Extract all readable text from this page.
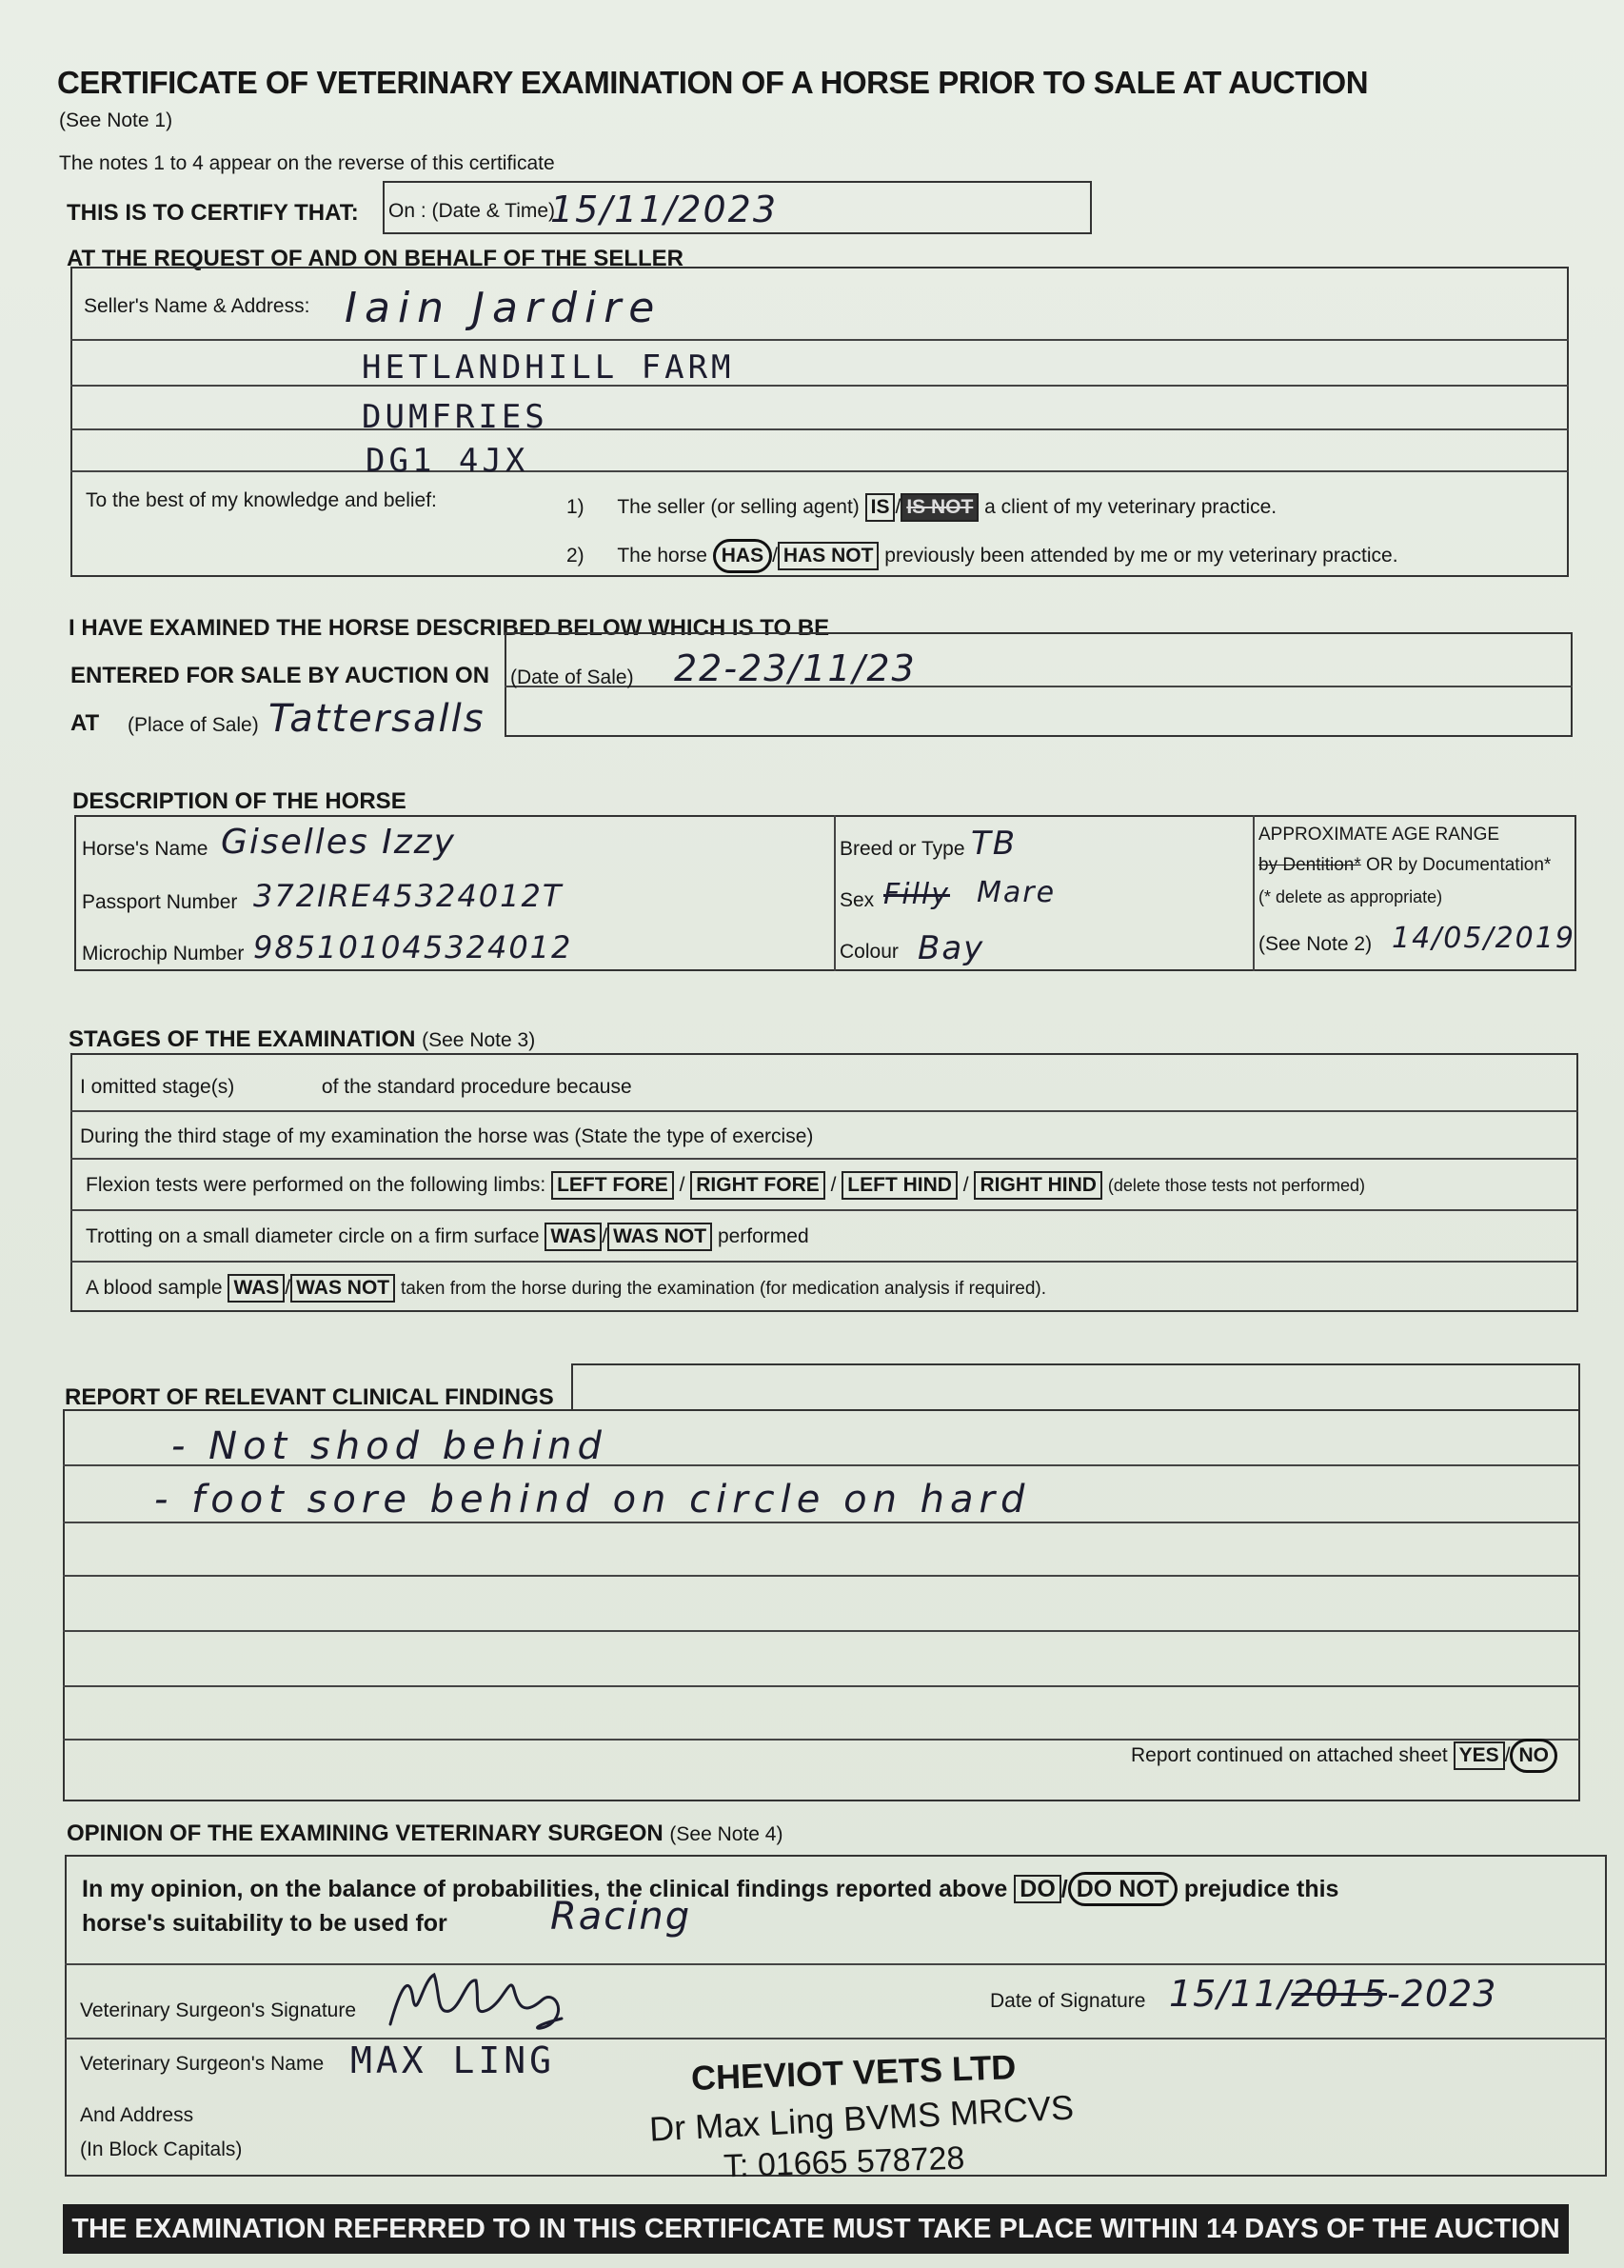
CERTIFICATE OF VETERINARY EXAMINATION OF A HORSE PRIOR TO SALE AT AUCTION
(See Note 1)
The notes 1 to 4 appear on the reverse of this certificate
THIS IS TO CERTIFY THAT: On : (Date & Time)
15/11/2023
AT THE REQUEST OF AND ON BEHALF OF THE SELLER
Seller's Name & Address: Iain Jardire
HETLANDHILL FARM
DUMFRIES
DG1 4JX
To the best of my knowledge and belief:	1) The seller (or selling agent) IS / IS NOT a client of my veterinary practice.
2) The horse HAS / HAS NOT previously been attended by me or my veterinary practice.
I HAVE EXAMINED THE HORSE DESCRIBED BELOW WHICH IS TO BE
ENTERED FOR SALE BY AUCTION ON (Date of Sale) 22-23/11/23
AT (Place of Sale) Tattersalls
DESCRIPTION OF THE HORSE
Horse's Name Giselles Izzy
Passport Number 372IRE45324012T
Microchip Number 985101045324012
Breed or Type TB
Sex Filly Mare
Colour Bay
APPROXIMATE AGE RANGE
by Dentition* OR by Documentation*
(* delete as appropriate)
(See Note 2) 14/05/2019
STAGES OF THE EXAMINATION (See Note 3)
I omitted stage(s)	of the standard procedure because
During the third stage of my examination the horse was (State the type of exercise)
Flexion tests were performed on the following limbs: LEFT FORE / RIGHT FORE / LEFT HIND / RIGHT HIND (delete those tests not performed)
Trotting on a small diameter circle on a firm surface WAS / WAS NOT performed
A blood sample WAS / WAS NOT taken from the horse during the examination (for medication analysis if required).
REPORT OF RELEVANT CLINICAL FINDINGS
- Not shod behind
- foot sore behind on circle on hard
Report continued on attached sheet YES / NO
OPINION OF THE EXAMINING VETERINARY SURGEON (See Note 4)
In my opinion, on the balance of probabilities, the clinical findings reported above DO / DO NOT prejudice this
horse's suitability to be used for	Racing
Veterinary Surgeon's Signature	Date of Signature 15/11/2015-2023
Veterinary Surgeon's Name MAX LING
And Address
(In Block Capitals)
CHEVIOT VETS LTD
Dr Max Ling BVMS MRCVS
T: 01665 578728
THE EXAMINATION REFERRED TO IN THIS CERTIFICATE MUST TAKE PLACE WITHIN 14 DAYS OF THE AUCTION
